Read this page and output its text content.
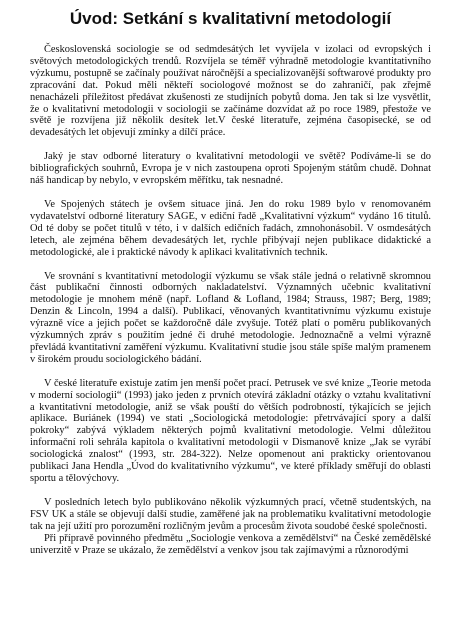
Úvod: Setkání s kvalitativní metodologií

Československá sociologie se od sedmdesátých let vyvíjela v izolaci od evropských i světových metodologických trendů. Rozvíjela se téměř výhradně metodologie kvantitativního výzkumu, postupně se začínaly používat náročnější a specializovanější softwarové produkty pro zpracování dat. Pokud měli někteří sociologové možnost se do zahraničí, pak zřejmě nenacházeli příležitost předávat zkušenosti ze studijních pobytů doma. Jen tak si lze vysvětlit, že o kvalitativní metodologii v sociologii se začínáme dozvídat až po roce 1989, přestože ve světě je rozvíjena již několik desítek let.V české literatuře, zejména časopisecké, se od devadesátých let objevují zmínky a dílčí práce.

Jaký je stav odborné literatury o kvalitativní metodologii ve světě? Podíváme-li se do bibliografických souhrnů, Evropa je v nich zastoupena oproti Spojeným státům chudě. Dohnat náš handicap by nebylo, v evropském měřítku, tak nesnadné.

Ve Spojených státech je ovšem situace jiná. Jen do roku 1989 bylo v renomovaném vydavatelství odborné literatury SAGE, v ediční řadě „Kvalitativní výzkum“ vydáno 16 titulů. Od té doby se počet titulů v této, i v dalších edičních řadách, zmnohonásobil. V osmdesátých letech, ale zejména během devadesátých let, rychle přibývají nejen publikace didaktické a metodologické, ale i praktické návody k aplikaci kvalitativních technik.

Ve srovnání s kvantitativní metodologií výzkumu se však stále jedná o relativně skromnou část publikační činnosti odborných nakladatelství. Významných učebnic kvalitativní metodologie je mnohem méně (např. Lofland & Lofland, 1984; Strauss, 1987; Berg, 1989; Denzin & Lincoln, 1994 a další). Publikací, věnovaných kvantitativnímu výzkumu existuje výrazně více a jejich počet se každoročně dále zvyšuje. Totéž platí o poměru publikovaných výzkumných zpráv s použitím jedné či druhé metodologie. Jednoznačně a velmi výrazně převládá kvantitativní zaměření výzkumu. Kvalitativní studie jsou stále spíše malým pramenem v širokém proudu sociologického bádání.

V české literatuře existuje zatím jen menší počet prací. Petrusek ve své knize „Teorie metoda v moderní sociologii“ (1993) jako jeden z prvních otevírá základní otázky o vztahu kvalitativní a kvantitativní metodologie, aniž se však pouští do větších podrobností, týkajících se jejich aplikace. Buriánek (1994) ve stati „Sociologická metodologie: přetrvávající spory a další pokroky“ zabývá výkladem některých pojmů kvalitativní metodologie. Velmi důležitou informační roli sehrála kapitola o kvalitativní metodologii v Dismanově knize „Jak se vyrábí sociologická znalost“ (1993, str. 284-322). Nelze opomenout ani prakticky orientovanou publikaci Jana Hendla „Úvod do kvalitativního výzkumu“, ve které příklady směřují do oblasti sportu a tělovýchovy.

V posledních letech bylo publikováno několik výzkumných prací, včetně studentských, na FSV UK a stále se objevují další studie, zaměřené jak na problematiku kvalitativní metodologie tak na její užití pro porozumění rozličným jevům a procesům života soudobé české společnosti.

Při přípravě povinného předmětu „Sociologie venkova a zemědělství“ na České zemědělské univerzitě v Praze se ukázalo, že zemědělství a venkov jsou tak zajímavými a různorodými
